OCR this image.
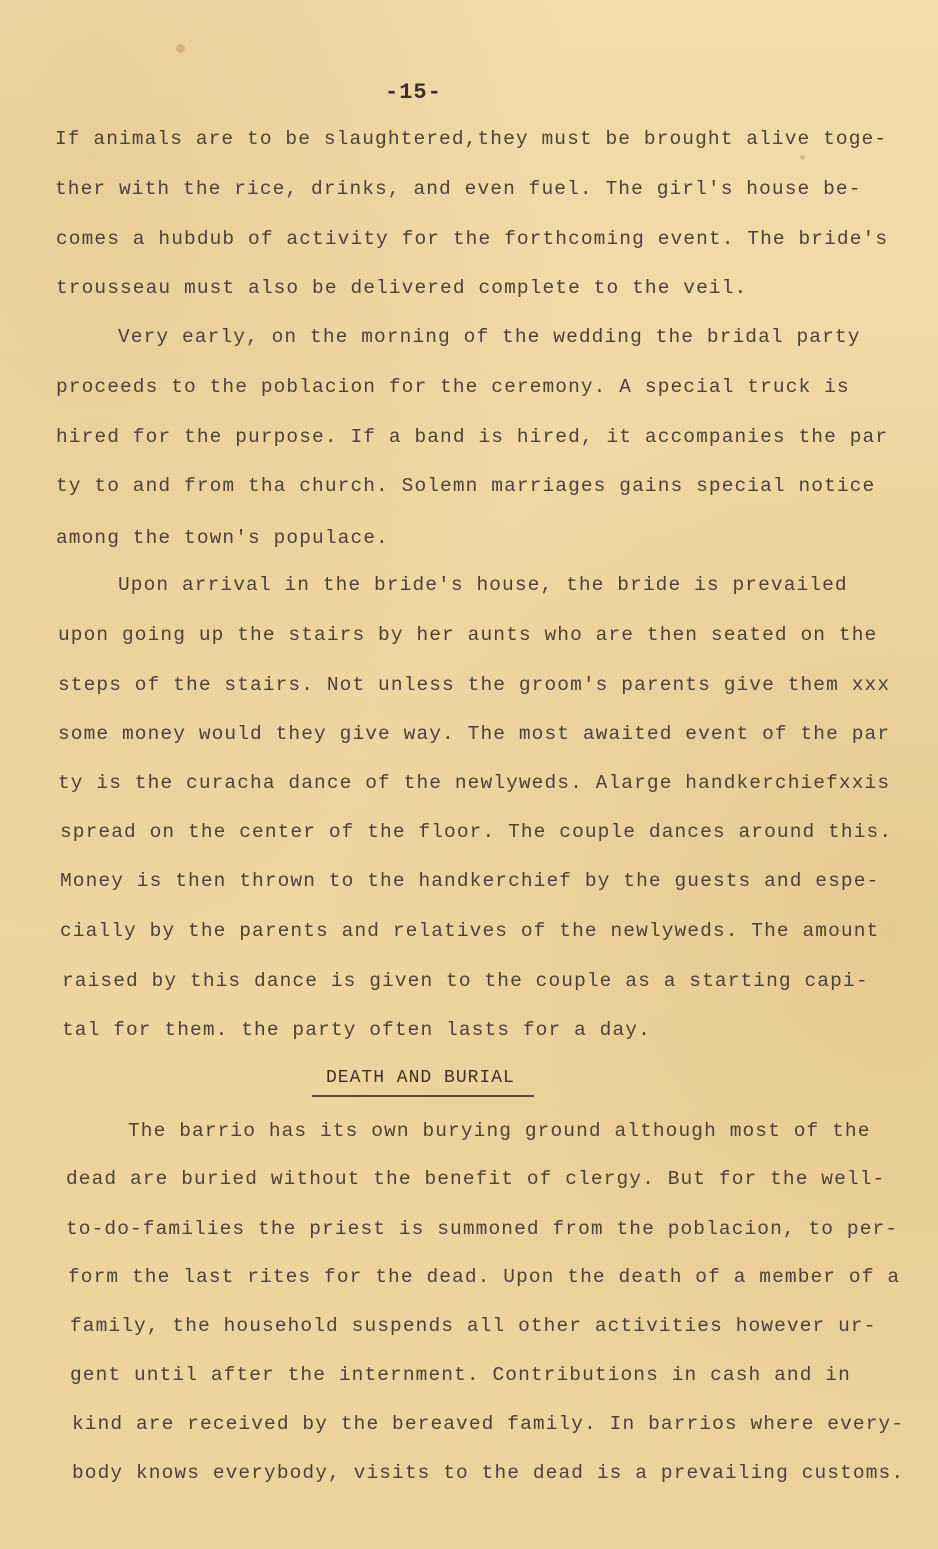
-15-
If animals are to be slaughtered,they must be brought alive toge-
ther with the rice, drinks, and even fuel. The girl's house be-
comes a hubdub of activity for the forthcoming event. The bride's
trousseau must also be delivered complete to the veil.
Very early, on the morning of the wedding the bridal party
proceeds to the poblacion for the ceremony. A special truck is
hired for the purpose. If a band is hired, it accompanies the par
ty to and from tha church. Solemn marriages gains special notice
among the town's populace.
Upon arrival in the bride's house, the bride is prevailed
upon going up the stairs by her aunts who are then seated on the
steps of the stairs. Not unless the groom's parents give them xxx
some money would they give way. The most awaited event of the par
ty is the curacha dance of the newlyweds. Alarge handkerchiefxxis
spread on the center of the floor. The couple dances around this.
Money is then thrown to the handkerchief by the guests and espe-
cially by the parents and relatives of the newlyweds. The amount
raised by this dance is given to the couple as a starting capi-
tal for them. the party often lasts for a day.
DEATH AND BURIAL
The barrio has its own burying ground although most of the
dead are buried without the benefit of clergy. But for the well-
to-do-families the priest is summoned from the poblacion, to per-
form the last rites for the dead. Upon the death of a member of a
family, the household suspends all other activities however ur-
gent until after the internment. Contributions in cash and in
kind are received by the bereaved family. In barrios where every-
body knows everybody, visits to the dead is a prevailing customs.
